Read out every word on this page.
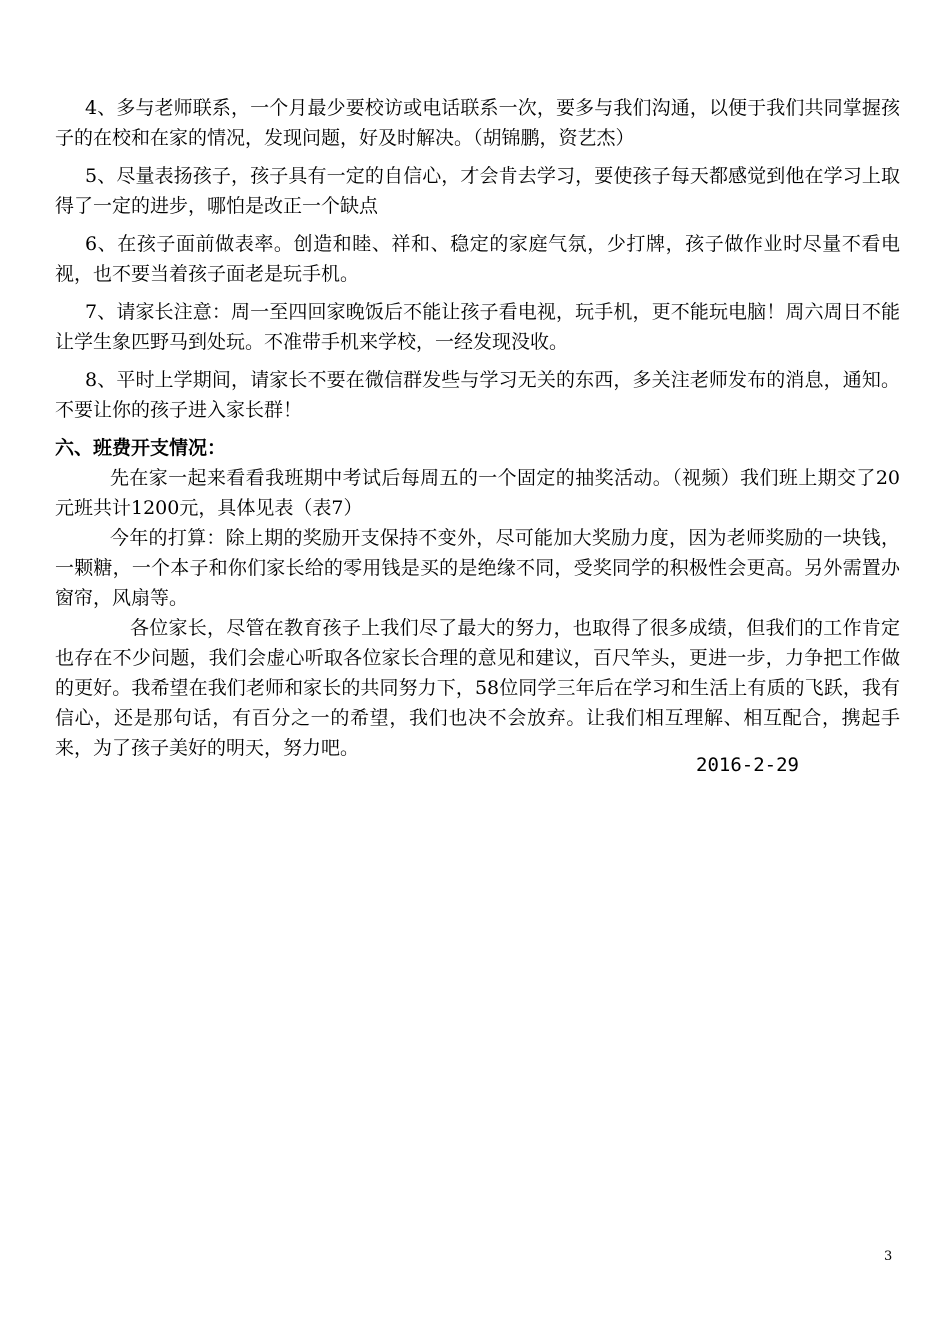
4、多与老师联系，一个月最少要校访或电话联系一次，要多与我们沟通，以便于我们共同掌握孩子的在校和在家的情况，发现问题，好及时解决。（胡锦鹏，资艺杰）

5、尽量表扬孩子，孩子具有一定的自信心，才会肯去学习，要使孩子每天都感觉到他在学习上取得了一定的进步，哪怕是改正一个缺点

6、在孩子面前做表率。创造和睦、祥和、稳定的家庭气氛，少打牌，孩子做作业时尽量不看电视，也不要当着孩子面老是玩手机。

7、请家长注意：周一至四回家晚饭后不能让孩子看电视，玩手机，更不能玩电脑！周六周日不能让学生象匹野马到处玩。不准带手机来学校，一经发现没收。

8、平时上学期间，请家长不要在微信群发些与学习无关的东西，多关注老师发布的消息，通知。不要让你的孩子进入家长群！

六、班费开支情况：

先在家一起来看看我班期中考试后每周五的一个固定的抽奖活动。（视频）我们班上期交了20元班共计1200元，具体见表（表7）

今年的打算：除上期的奖励开支保持不变外，尽可能加大奖励力度，因为老师奖励的一块钱，一颗糖，一个本子和你们家长给的零用钱是买的是绝缘不同，受奖同学的积极性会更高。另外需置办窗帘，风扇等。

各位家长，尽管在教育孩子上我们尽了最大的努力，也取得了很多成绩，但我们的工作肯定也存在不少问题，我们会虚心听取各位家长合理的意见和建议，百尺竿头，更进一步，力争把工作做的更好。我希望在我们老师和家长的共同努力下，58位同学三年后在学习和生活上有质的飞跃，我有信心，还是那句话，有百分之一的希望，我们也决不会放弃。让我们相互理解、相互配合，携起手来，为了孩子美好的明天，努力吧。

2016-2-29
3
